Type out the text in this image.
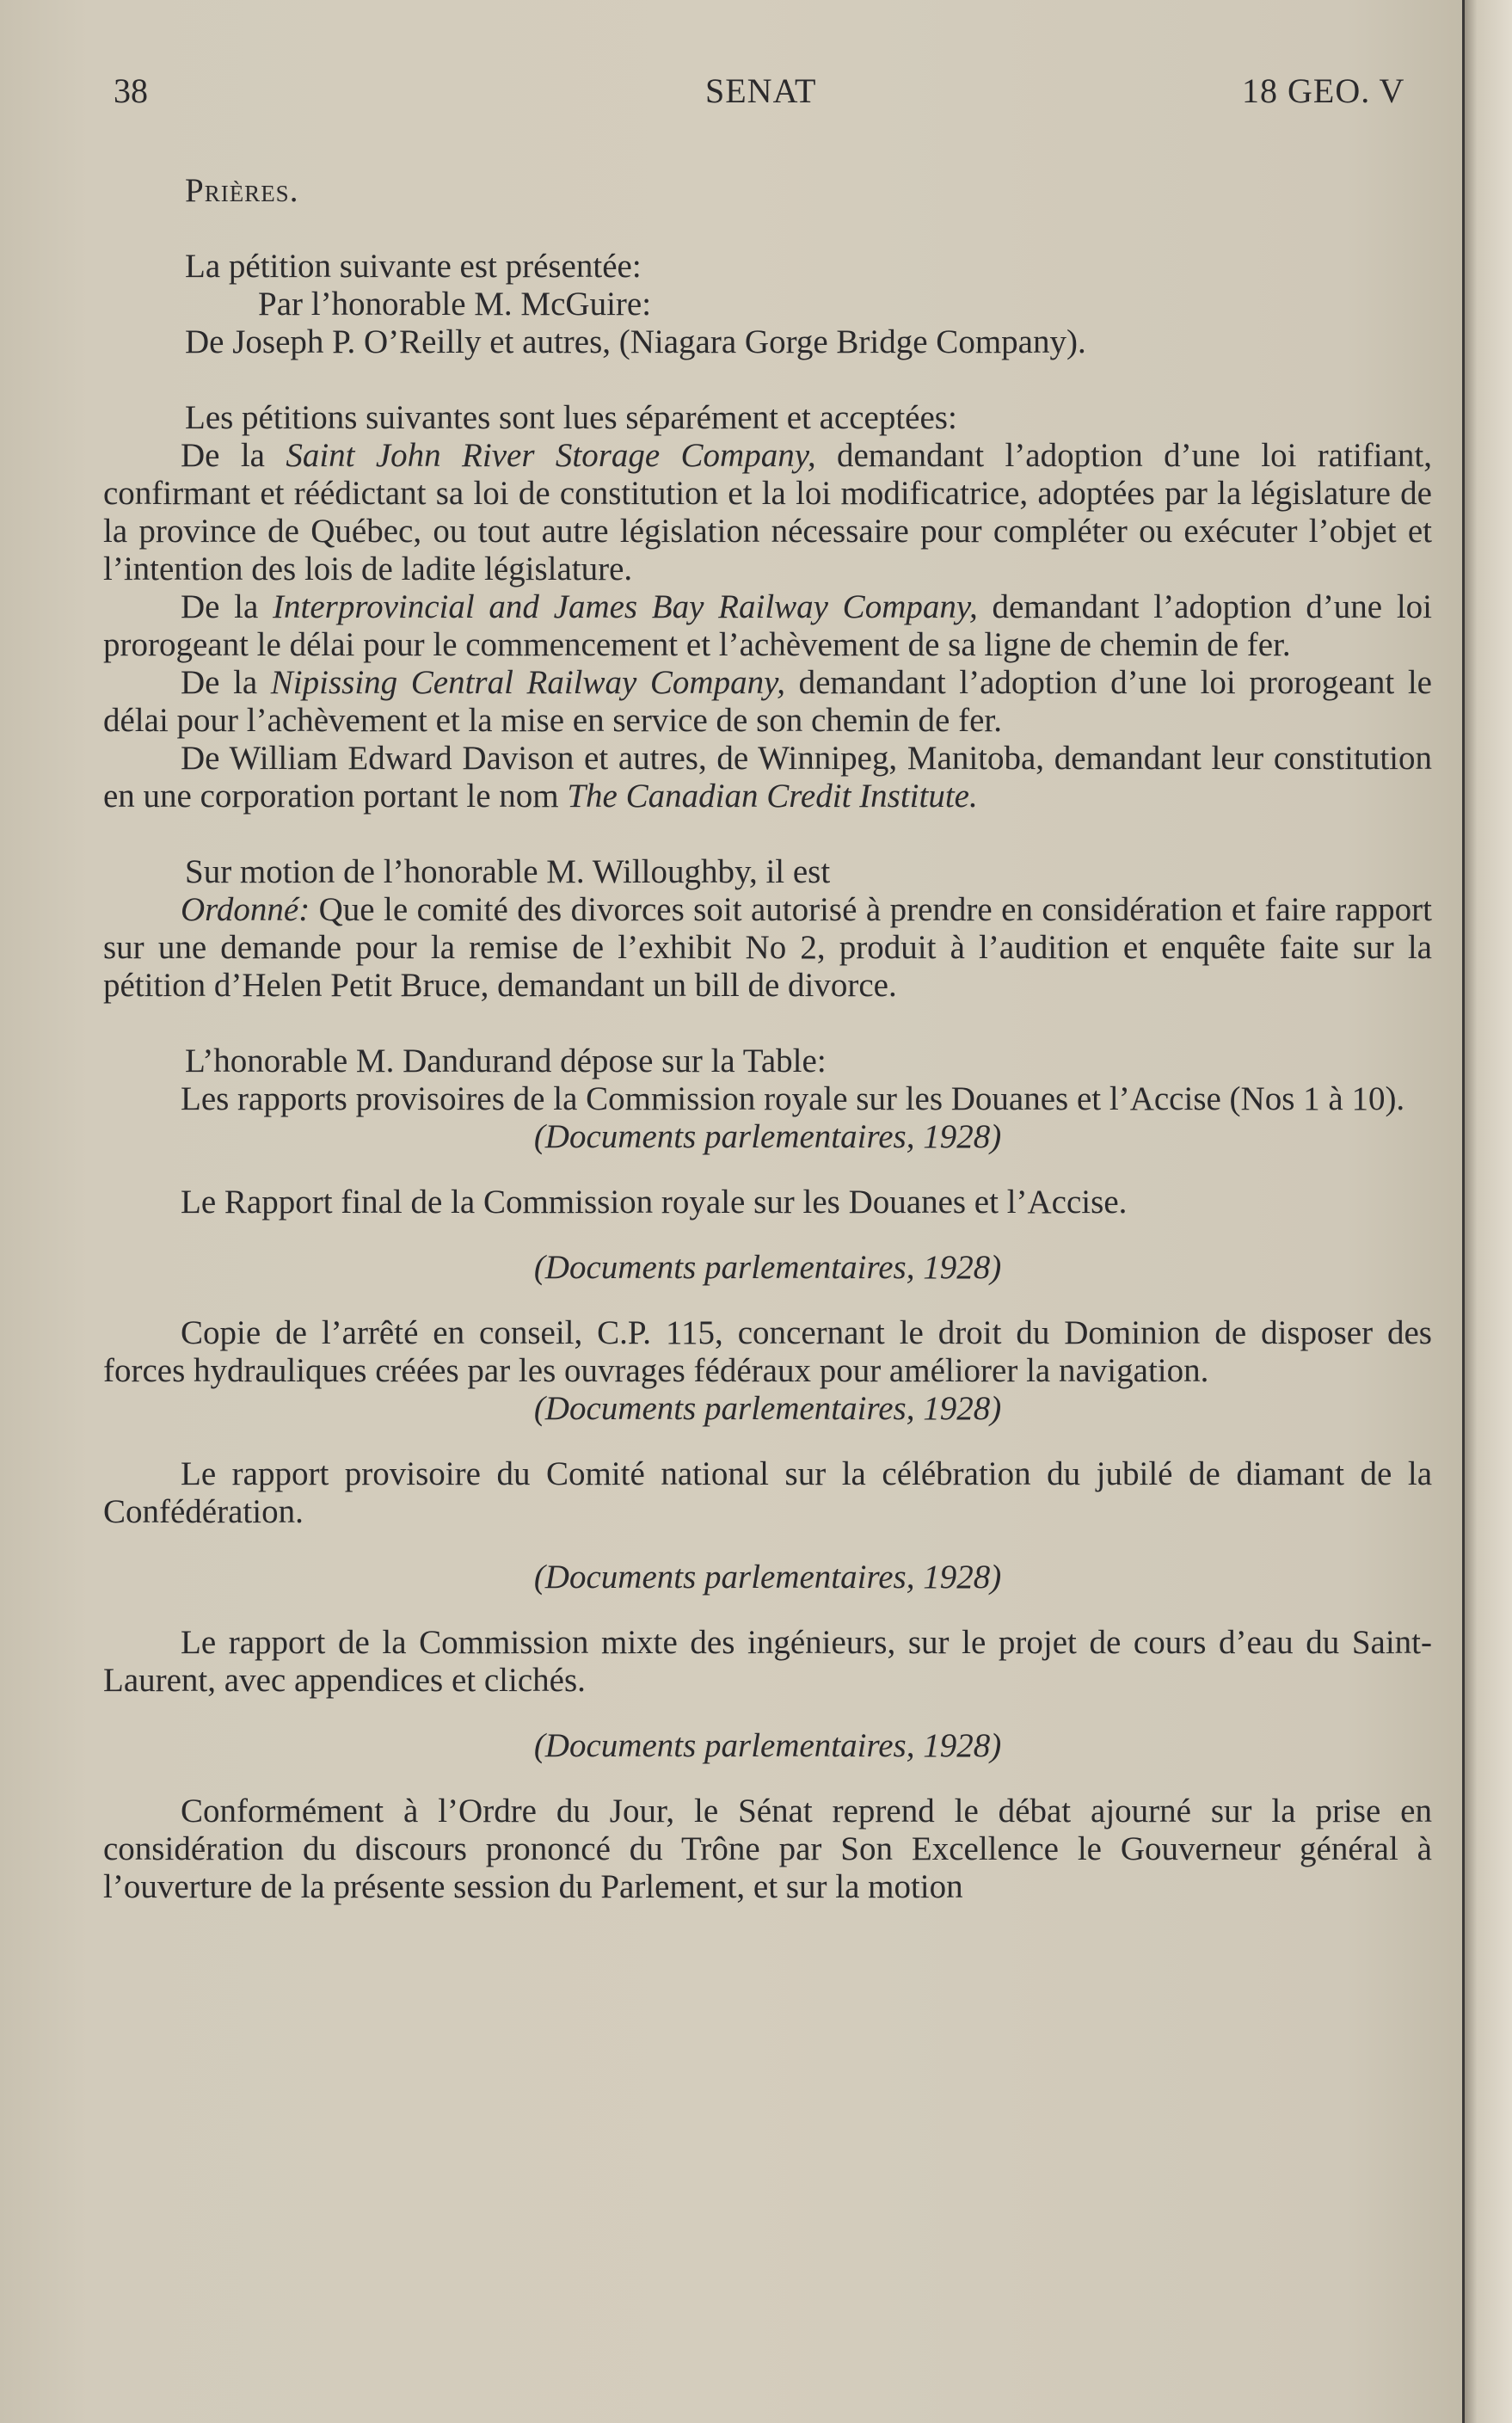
38	SENAT	18 GEO. V

Prières.

La pétition suivante est présentée:

Par l’honorable M. McGuire:

De Joseph P. O’Reilly et autres, (Niagara Gorge Bridge Company).

Les pétitions suivantes sont lues séparément et acceptées:

De la Saint John River Storage Company, demandant l’adoption d’une loi ratifiant, confirmant et réédictant sa loi de constitution et la loi modificatrice, adoptées par la législature de la province de Québec, ou tout autre législation nécessaire pour compléter ou exécuter l’objet et l’intention des lois de ladite législature.

De la Interprovincial and James Bay Railway Company, demandant l’adoption d’une loi prorogeant le délai pour le commencement et l’achèvement de sa ligne de chemin de fer.

De la Nipissing Central Railway Company, demandant l’adoption d’une loi prorogeant le délai pour l’achèvement et la mise en service de son chemin de fer.

De William Edward Davison et autres, de Winnipeg, Manitoba, demandant leur constitution en une corporation portant le nom The Canadian Credit Institute.

Sur motion de l’honorable M. Willoughby, il est

Ordonné: Que le comité des divorces soit autorisé à prendre en considération et faire rapport sur une demande pour la remise de l’exhibit No 2, produit à l’audition et enquête faite sur la pétition d’Helen Petit Bruce, demandant un bill de divorce.

L’honorable M. Dandurand dépose sur la Table:

Les rapports provisoires de la Commission royale sur les Douanes et l’Accise (Nos 1 à 10).

(Documents parlementaires, 1928)

Le Rapport final de la Commission royale sur les Douanes et l’Accise.

(Documents parlementaires, 1928)

Copie de l’arrêté en conseil, C.P. 115, concernant le droit du Dominion de disposer des forces hydrauliques créées par les ouvrages fédéraux pour améliorer la navigation.

(Documents parlementaires, 1928)

Le rapport provisoire du Comité national sur la célébration du jubilé de diamant de la Confédération.

(Documents parlementaires, 1928)

Le rapport de la Commission mixte des ingénieurs, sur le projet de cours d’eau du Saint-Laurent, avec appendices et clichés.

(Documents parlementaires, 1928)

Conformément à l’Ordre du Jour, le Sénat reprend le débat ajourné sur la prise en considération du discours prononcé du Trône par Son Excellence le Gouverneur général à l’ouverture de la présente session du Parlement, et sur la motion
